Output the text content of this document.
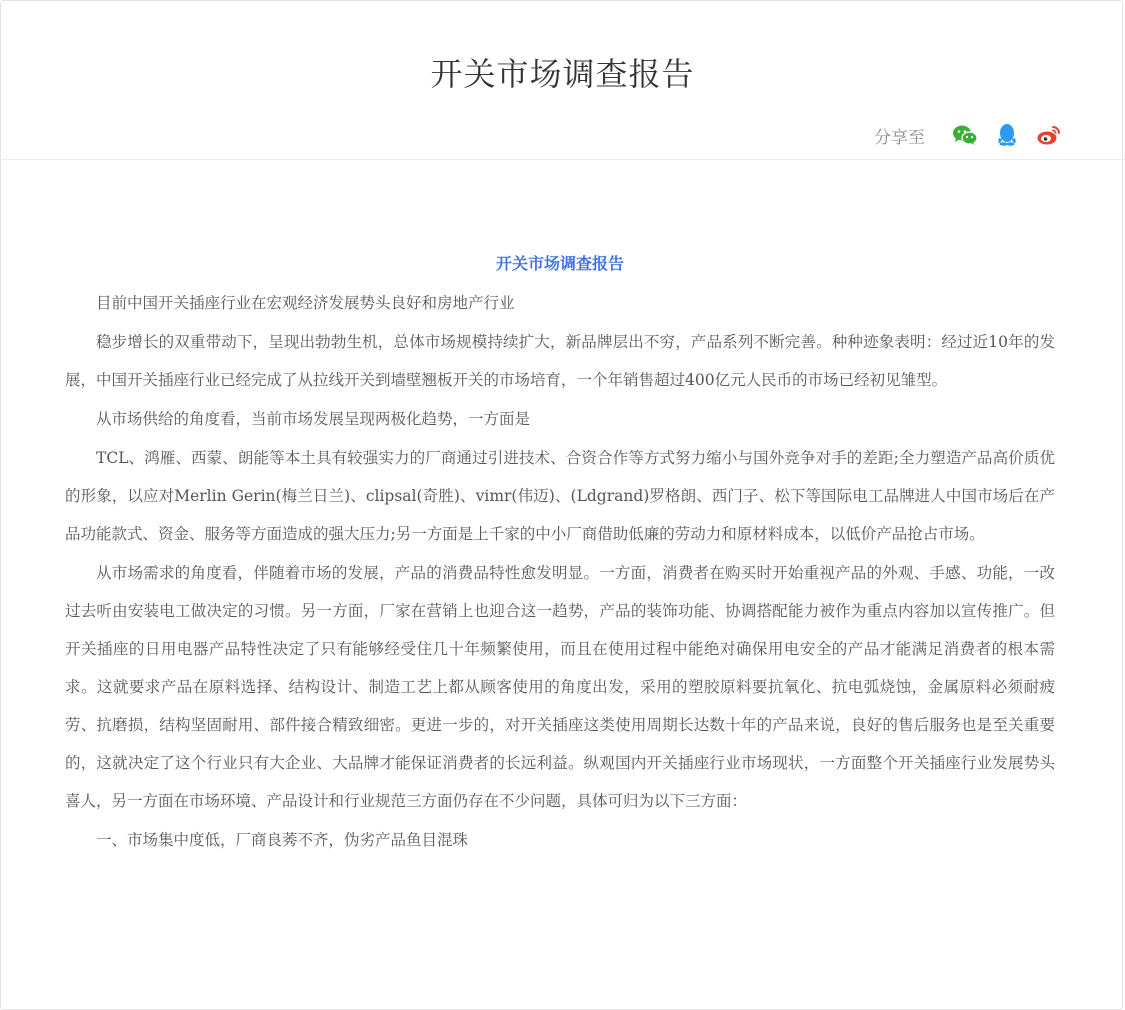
开关市场调查报告
分享至
开关市场调查报告

目前中国开关插座行业在宏观经济发展势头良好和房地产行业

稳步增长的双重带动下，呈现出勃勃生机，总体市场规模持续扩大，新品牌层出不穷，产品系列不断完善。种种迹象表明：经过近10年的发展，中国开关插座行业已经完成了从拉线开关到墙壁翘板开关的市场培育，一个年销售超过400亿元人民币的市场已经初见雏型。

从市场供给的角度看，当前市场发展呈现两极化趋势，一方面是

TCL、鸿雁、西蒙、朗能等本土具有较强实力的厂商通过引进技术、合资合作等方式努力缩小与国外竞争对手的差距;全力塑造产品高价质优的形象，以应对Merlin Gerin(梅兰日兰)、clipsal(奇胜)、vimr(伟迈)、(Ldgrand)罗格朗、西门子、松下等国际电工品牌进人中国市场后在产品功能款式、资金、服务等方面造成的强大压力;另一方面是上千家的中小厂商借助低廉的劳动力和原材料成本，以低价产品抢占市场。

从市场需求的角度看，伴随着市场的发展，产品的消费品特性愈发明显。一方面，消费者在购买时开始重视产品的外观、手感、功能，一改过去听由安装电工做决定的习惯。另一方面，厂家在营销上也迎合这一趋势，产品的装饰功能、协调搭配能力被作为重点内容加以宣传推广。但开关插座的日用电器产品特性决定了只有能够经受住几十年频繁使用，而且在使用过程中能绝对确保用电安全的产品才能满足消费者的根本需求。这就要求产品在原料选择、结构设计、制造工艺上都从顾客使用的角度出发，采用的塑胶原料要抗氧化、抗电弧烧蚀，金属原料必须耐疲劳、抗磨损，结构坚固耐用、部件接合精致细密。更进一步的，对开关插座这类使用周期长达数十年的产品来说，良好的售后服务也是至关重要的，这就决定了这个行业只有大企业、大品牌才能保证消费者的长远利益。纵观国内开关插座行业市场现状，一方面整个开关插座行业发展势头喜人，另一方面在市场环境、产品设计和行业规范三方面仍存在不少问题，具体可归为以下三方面：

一、市场集中度低，厂商良莠不齐，伪劣产品鱼目混珠
